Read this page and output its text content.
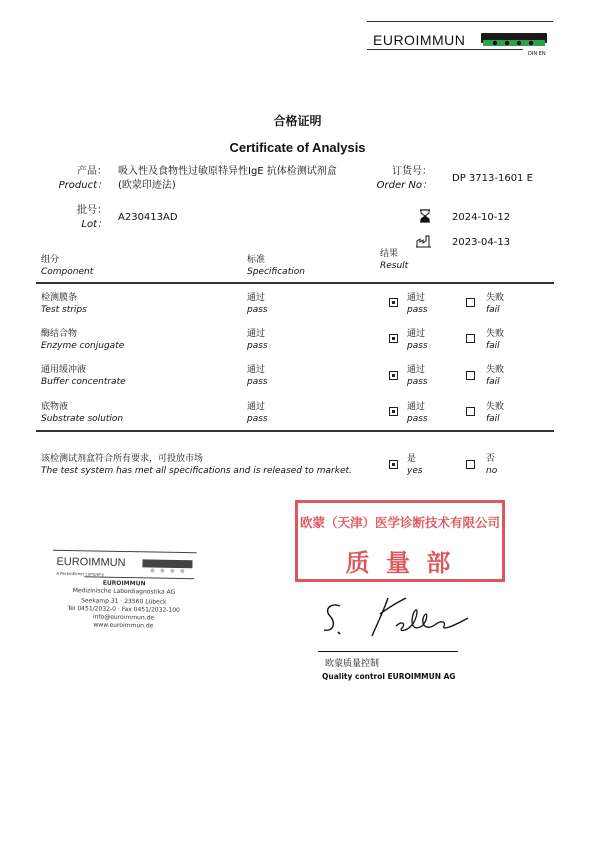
EUROIMMUN
DIN EN
合格证明
Certificate of Analysis
产品：
Product：
吸入性及食物性过敏原特异性IgE 抗体检测试剂盒
(欧蒙印迹法)
订货号：
Order No：
DP 3713-1601 E
批号：
Lot：
A230413AD	2024-10-12
2023-04-13
组分
Component
标准
Specification
结果
Result
检测膜条
Test strips
通过
pass
通过
pass
失败
fail
酶结合物
Enzyme conjugate
通过
pass
通过
pass
失败
fail
通用缓冲液
Buffer concentrate
通过
pass
通过
pass
失败
fail
底物液
Substrate solution
通过
pass
通过
pass
失败
fail
该检测试剂盒符合所有要求，可投放市场
The test system has met all specifications and is released to market.
是
yes
否
no
EUROIMMUN
A PerkinElmer company
EUROIMMUN
Medizinische Labordiagnostika AG
Seekamp 31 · 23560 Lübeck
Tel 0451/2032-0 · Fax 0451/2032-100
info@euroimmun.de
www.euroimmun.de
欧蒙（天津）医学诊断技术有限公司
质 量 部
欧蒙质量控制
Quality control EUROIMMUN AG
